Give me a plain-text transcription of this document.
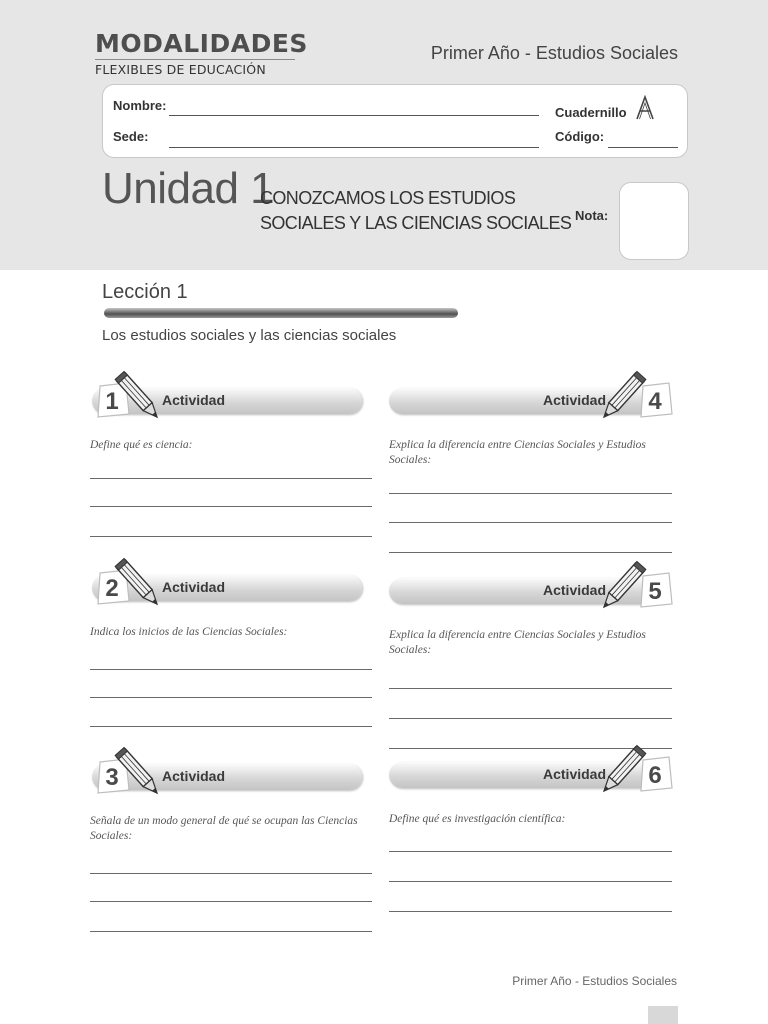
MODALIDADES
FLEXIBLES DE EDUCACIÓN
Primer Año - Estudios Sociales
Nombre:
Sede:
Cuadernillo	A
Código:
Unidad 1
CONOZCAMOS LOS ESTUDIOS
SOCIALES Y LAS CIENCIAS SOCIALES Nota:
Lección 1
Los estudios sociales y las ciencias sociales
1	Actividad
Define qué es ciencia:
2	Actividad
Indica los inicios de las Ciencias Sociales:
3	Actividad
Señala de un modo general de qué se ocupan las Ciencias Sociales:
4
Actividad
Explica la diferencia entre Ciencias Sociales y Estudios Sociales:
5
Actividad
Explica la diferencia entre Ciencias Sociales y Estudios Sociales:
6
Actividad
Define qué es investigación científica:
Primer Año - Estudios Sociales
